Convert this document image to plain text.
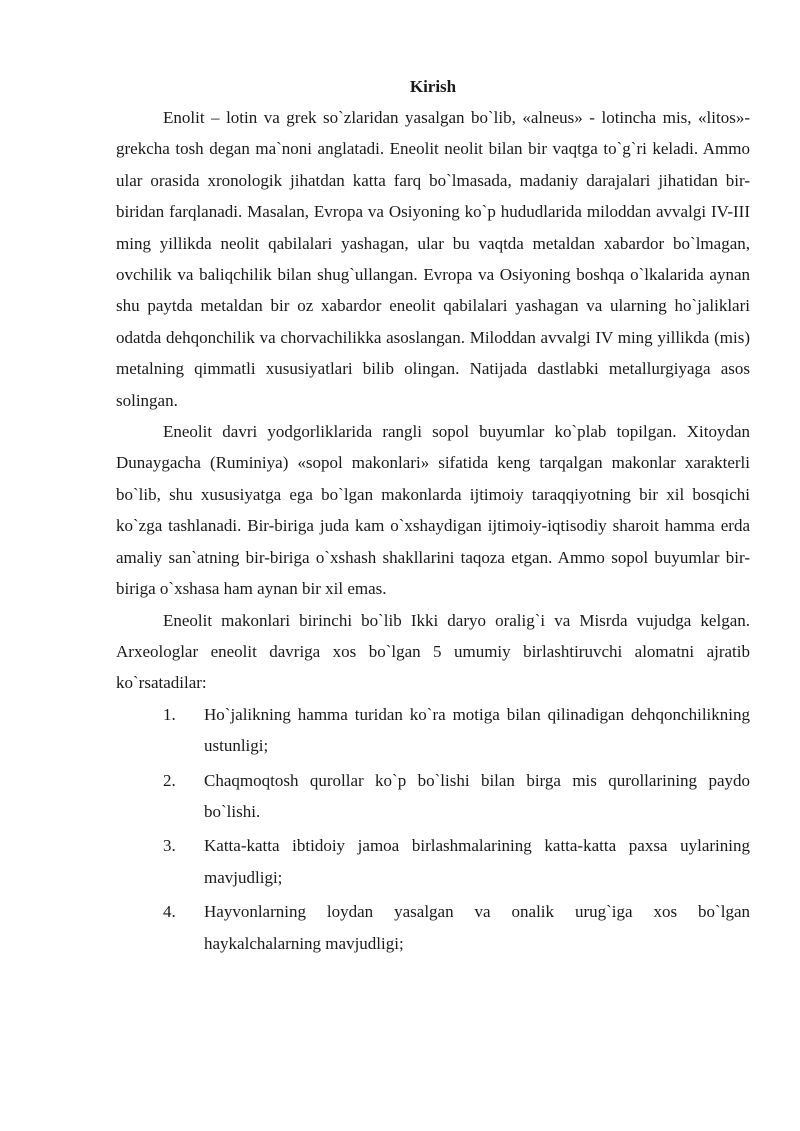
Kirish

Enolit – lotin va grek so`zlaridan yasalgan bo`lib, «alneus» - lotincha mis, «litos»-grekcha tosh degan ma`noni anglatadi. Eneolit neolit bilan bir vaqtga to`g`ri keladi. Ammo ular orasida xronologik jihatdan katta farq bo`lmasada, madaniy darajalari jihatidan bir-biridan farqlanadi. Masalan, Evropa va Osiyoning ko`p hududlarida miloddan avvalgi IV-III ming yillikda neolit qabilalari yashagan, ular bu vaqtda metaldan xabardor bo`lmagan, ovchilik va baliqchilik bilan shug`ullangan. Evropa va Osiyoning boshqa o`lkalarida aynan shu paytda metaldan bir oz xabardor eneolit qabilalari yashagan va ularning ho`jaliklari odatda dehqonchilik va chorvachilikka asoslangan. Miloddan avvalgi IV ming yillikda (mis) metalning qimmatli xususiyatlari bilib olingan. Natijada dastlabki metallurgiyaga asos solingan.

Eneolit davri yodgorliklarida rangli sopol buyumlar ko`plab topilgan. Xitoydan Dunaygacha (Ruminiya) «sopol makonlari» sifatida keng tarqalgan makonlar xarakterli bo`lib, shu xususiyatga ega bo`lgan makonlarda ijtimoiy taraqqiyotning bir xil bosqichi ko`zga tashlanadi. Bir-biriga juda kam o`xshaydigan ijtimoiy-iqtisodiy sharoit hamma erda amaliy san`atning bir-biriga o`xshash shakllarini taqoza etgan. Ammo sopol buyumlar bir-biriga o`xshasa ham aynan bir xil emas.

Eneolit makonlari birinchi bo`lib Ikki daryo oralig`i va Misrda vujudga kelgan. Arxeologlar eneolit davriga xos bo`lgan 5 umumiy birlashtiruvchi alomatni ajratib ko`rsatadilar:

1.	Ho`jalikning hamma turidan ko`ra motiga bilan qilinadigan dehqonchilikning ustunligi;
2.	Chaqmoqtosh qurollar ko`p bo`lishi bilan birga mis qurollarining paydo bo`lishi.
3.	Katta-katta ibtidoiy jamoa birlashmalarining katta-katta paxsa uylarining mavjudligi;
4.	Hayvonlarning loydan yasalgan va onalik urug`iga xos bo`lgan haykalchalarning mavjudligi;
